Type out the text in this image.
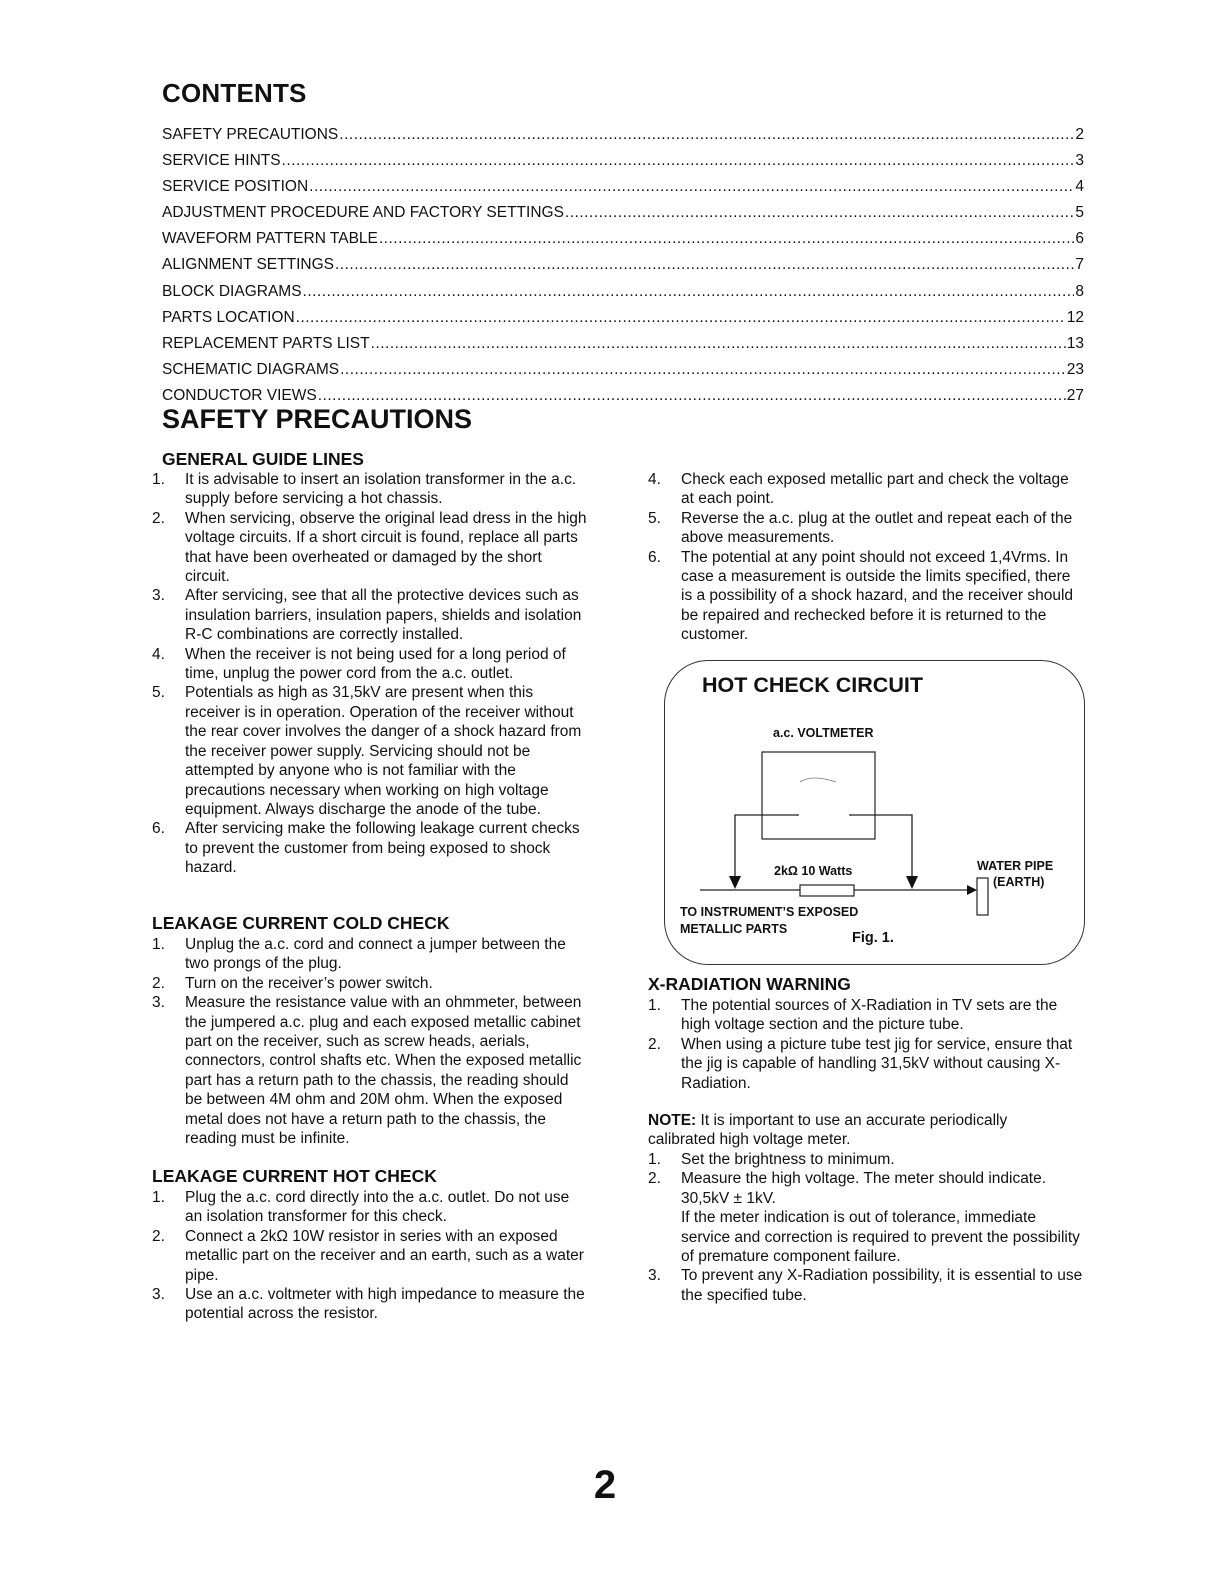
CONTENTS
SAFETY PRECAUTIONS .....	2
SERVICE HINTS .....	3
SERVICE POSITION .....	4
ADJUSTMENT PROCEDURE AND FACTORY SETTINGS .....	5
WAVEFORM PATTERN TABLE .....	6
ALIGNMENT SETTINGS .....	7
BLOCK DIAGRAMS .....	8
PARTS LOCATION .....	12
REPLACEMENT PARTS LIST .....	13
SCHEMATIC DIAGRAMS .....	23
CONDUCTOR VIEWS .....	27
SAFETY PRECAUTIONS
GENERAL GUIDE LINES
1. It is advisable to insert an isolation transformer in the a.c. supply before servicing a hot chassis.
2. When servicing, observe the original lead dress in the high voltage circuits. If a short circuit is found, replace all parts that have been overheated or damaged by the short circuit.
3. After servicing, see that all the protective devices such as insulation barriers, insulation papers, shields and isolation R-C combinations are correctly installed.
4. When the receiver is not being used for a long period of time, unplug the power cord from the a.c. outlet.
5. Potentials as high as 31,5kV are present when this receiver is in operation. Operation of the receiver without the rear cover involves the danger of a shock hazard from the receiver power supply. Servicing should not be attempted by anyone who is not familiar with the precautions necessary when working on high voltage equipment. Always discharge the anode of the tube.
6. After servicing make the following leakage current checks to prevent the customer from being exposed to shock hazard.
LEAKAGE CURRENT COLD CHECK
1. Unplug the a.c. cord and connect a jumper between the two prongs of the plug.
2. Turn on the receiver’s power switch.
3. Measure the resistance value with an ohmmeter, between the jumpered a.c. plug and each exposed metallic cabinet part on the receiver, such as screw heads, aerials, connectors, control shafts etc. When the exposed metallic part has a return path to the chassis, the reading should be between 4M ohm and 20M ohm. When the exposed metal does not have a return path to the chassis, the reading must be infinite.
LEAKAGE CURRENT HOT CHECK
1. Plug the a.c. cord directly into the a.c. outlet. Do not use an isolation transformer for this check.
2. Connect a 2kΩ 10W resistor in series with an exposed metallic part on the receiver and an earth, such as a water pipe.
3. Use an a.c. voltmeter with high impedance to measure the potential across the resistor.
4. Check each exposed metallic part and check the voltage at each point.
5. Reverse the a.c. plug at the outlet and repeat each of the above measurements.
6. The potential at any point should not exceed 1,4Vrms. In case a measurement is outside the limits specified, there is a possibility of a shock hazard, and the receiver should be repaired and rechecked before it is returned to the customer.
HOT CHECK CIRCUIT
a.c. VOLTMETER
2kΩ 10 Watts	WATER PIPE
(EARTH)
TO INSTRUMENT’S EXPOSED
METALLIC PARTS
Fig. 1.
X-RADIATION WARNING
1. The potential sources of X-Radiation in TV sets are the high voltage section and the picture tube.
2. When using a picture tube test jig for service, ensure that the jig is capable of handling 31,5kV without causing X-Radiation.

NOTE: It is important to use an accurate periodically calibrated high voltage meter.

1. Set the brightness to minimum.
2. Measure the high voltage. The meter should indicate. 30,5kV ± 1kV.
If the meter indication is out of tolerance, immediate service and correction is required to prevent the possibility of premature component failure.
3. To prevent any X-Radiation possibility, it is essential to use the specified tube.
2
